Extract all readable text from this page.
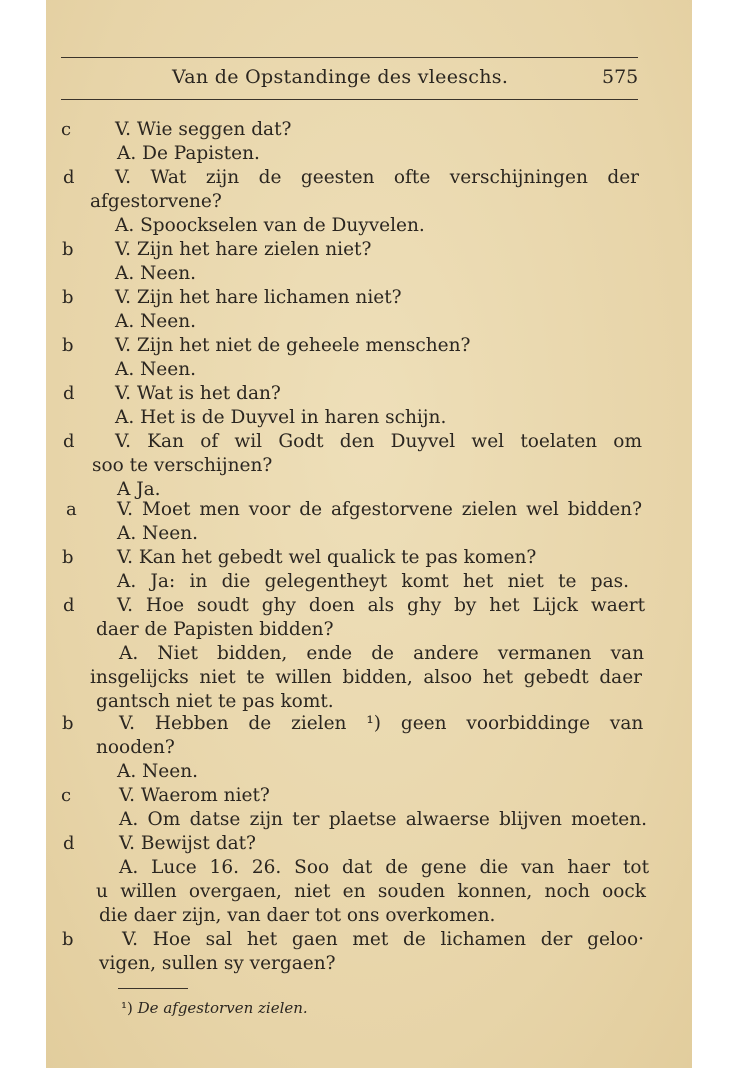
Van de Opstandinge des vleeschs.	575
c V. Wie seggen dat?
A. De Papisten.
d V. Wat zijn de geesten ofte verschijningen der
afgestorvene?
A. Spoockselen van de Duyvelen.
b V. Zijn het hare zielen niet?
A. Neen.
b V. Zijn het hare lichamen niet?
A. Neen.
b V. Zijn het niet de geheele menschen?
A. Neen.
d V. Wat is het dan?
A. Het is de Duyvel in haren schijn.
d V. Kan of wil Godt den Duyvel wel toelaten om
soo te verschijnen?
A Ja.
a V. Moet men voor de afgestorvene zielen wel bidden?
A. Neen.
b V. Kan het gebedt wel qualick te pas komen?
A. Ja: in die gelegentheyt komt het niet te pas.
d V. Hoe soudt ghy doen als ghy by het Lijck waert
daer de Papisten bidden?
A. Niet bidden, ende de andere vermanen van
insgelijcks niet te willen bidden, alsoo het gebedt daer
gantsch niet te pas komt.
b V. Hebben de zielen ¹) geen voorbiddinge van
nooden?
A. Neen.
c	V. Waerom niet?
A. Om datse zijn ter plaetse alwaerse blijven moeten.
d V. Bewijst dat?
A. Luce 16. 26. Soo dat de gene die van haer tot
u willen overgaen, niet en souden konnen, noch oock
die daer zijn, van daer tot ons overkomen.
b	V. Hoe sal het gaen met de lichamen der geloo·
vigen, sullen sy vergaen?
¹) De afgestorven zielen.
